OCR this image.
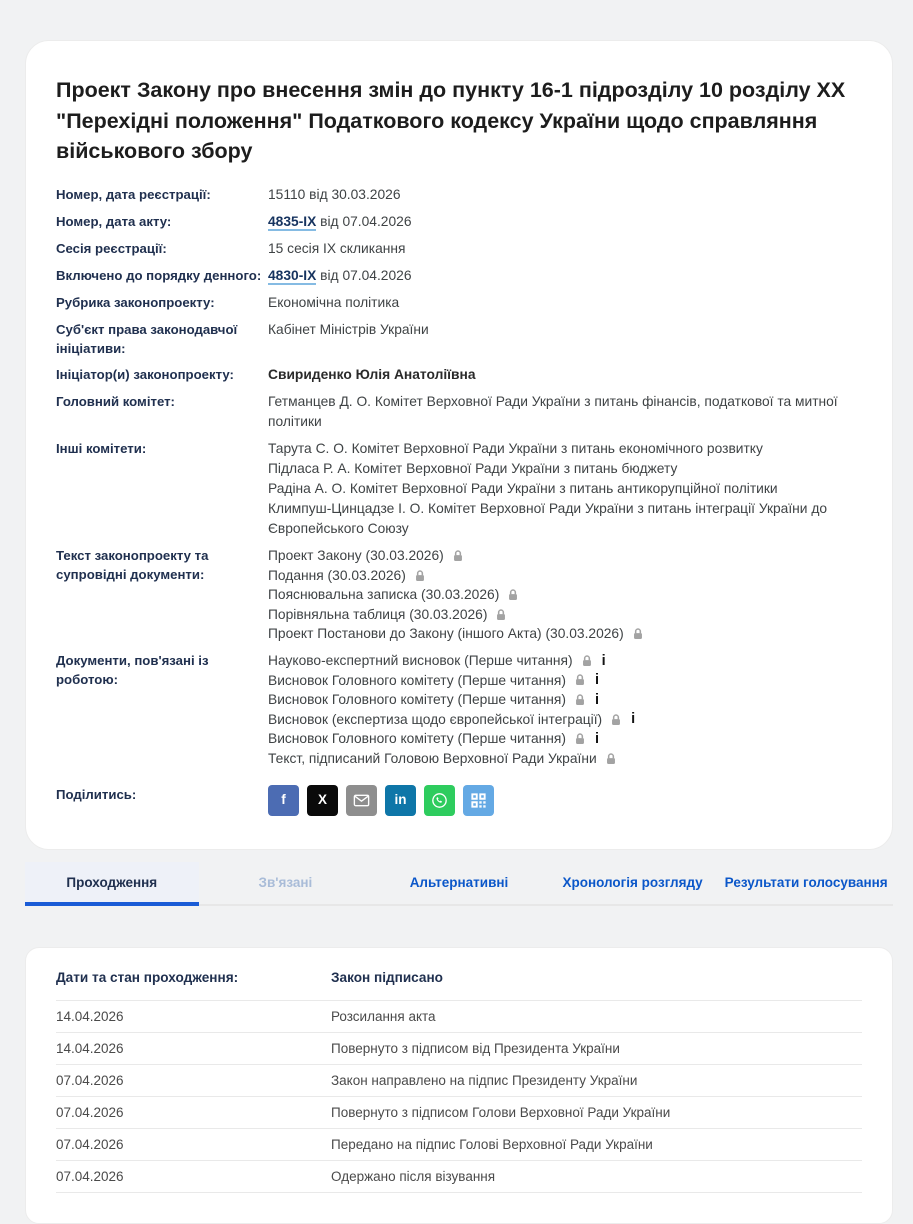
Проект Закону про внесення змін до пункту 16-1 підрозділу 10 розділу XX "Перехідні положення" Податкового кодексу України щодо справляння військового збору
Номер, дата реєстрації:	15110 від 30.03.2026
Номер, дата акту:	4835-IX від 07.04.2026
Сесія реєстрації:	15 сесія IX скликання
Включено до порядку денного: 4830-IX від 07.04.2026
Рубрика законопроекту:	Економічна політика
Суб'єкт права законодавчої ініціативи:
Кабінет Міністрів України
Ініціатор(и) законопроекту:	Свириденко Юлія Анатоліївна
Головний комітет:	Гетманцев Д. О. Комітет Верховної Ради України з питань фінансів, податкової та митної політики
Інші комітети:	Тарута С. О. Комітет Верховної Ради України з питань економічного розвитку
Підласа Р. А. Комітет Верховної Ради України з питань бюджету
Радіна А. О. Комітет Верховної Ради України з питань антикорупційної політики
Климпуш-Цинцадзе І. О. Комітет Верховної Ради України з питань інтеграції України до Європейського Союзу
Текст законопроекту та супровідні документи:
Проект Закону (30.03.2026)
Подання (30.03.2026)
Пояснювальна записка (30.03.2026)
Порівняльна таблиця (30.03.2026)
Проект Постанови до Закону (іншого Акта) (30.03.2026)
Документи, пов'язані із роботою:
Науково-експертний висновок (Перше читання) i
Висновок Головного комітету (Перше читання) i
Висновок Головного комітету (Перше читання) i
Висновок (експертиза щодо європейської інтеграції) i
Висновок Головного комітету (Перше читання) i
Текст, підписаний Головою Верховної Ради України
Поділитись:	f X	in
Проходження	Зв'язані	Альтернативні	Хронологія розгляду	Результати голосування
Дати та стан проходження:	Закон підписано
14.04.2026	Розсилання акта
14.04.2026	Повернуто з підписом від Президента України
07.04.2026	Закон направлено на підпис Президенту України
07.04.2026	Повернуто з підписом Голови Верховної Ради України
07.04.2026	Передано на підпис Голові Верховної Ради України
07.04.2026	Одержано після візування
